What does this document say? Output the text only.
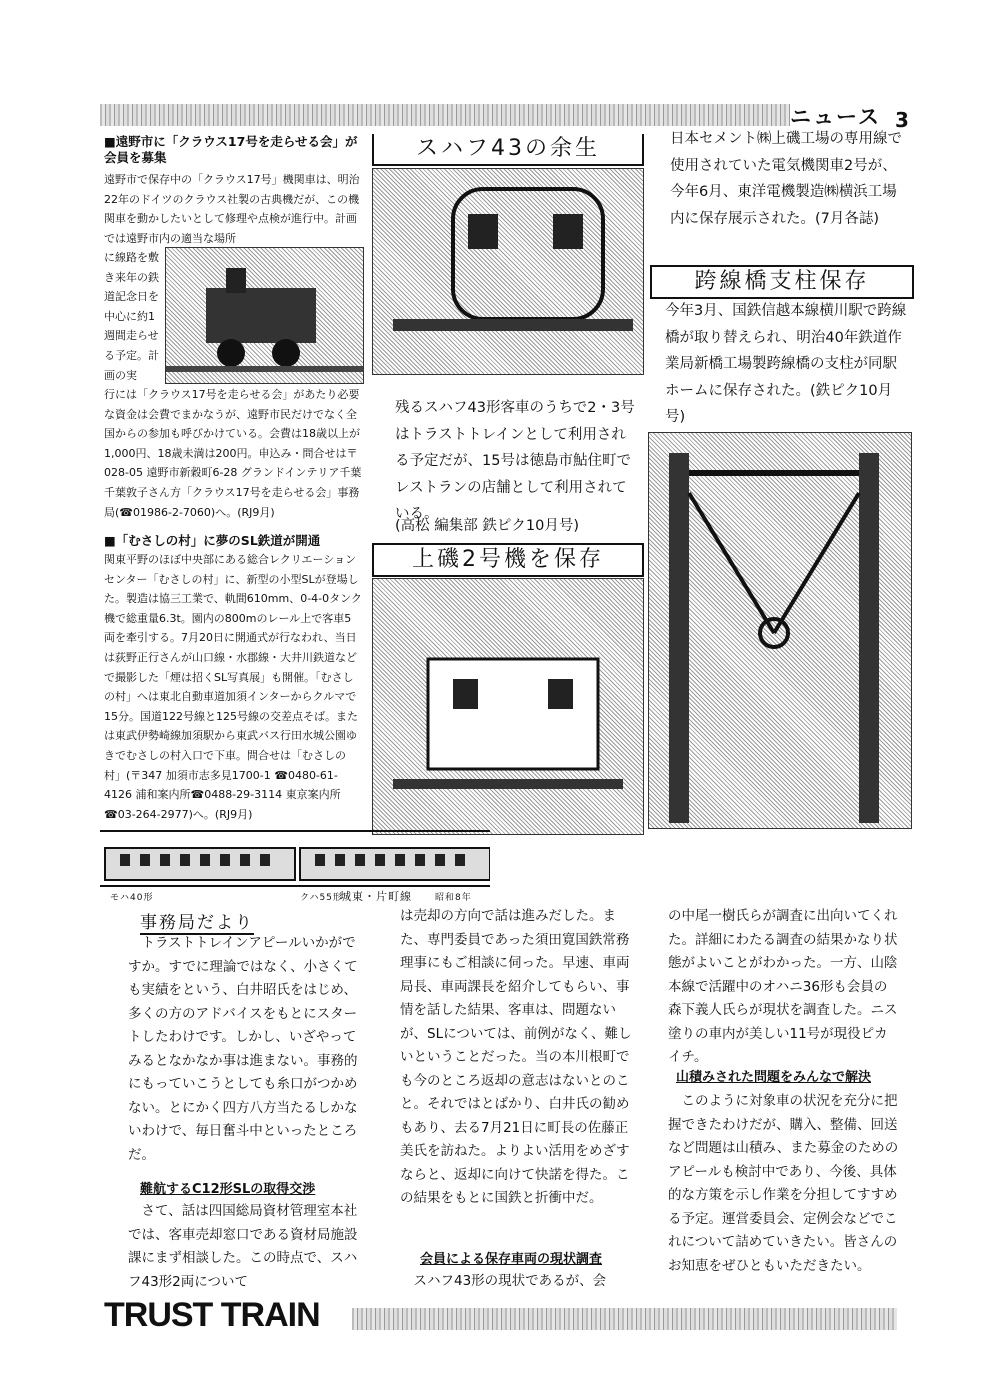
ニュース 3
■遠野市に「クラウス17号を走らせる会」が会員を募集

遠野市で保存中の「クラウス17号」機関車は、明治22年のドイツのクラウス社製の古典機だが、この機関車を動かしたいとして修理や点検が進行中。計画では遠野市内の適当な場所

に線路を敷き来年の鉄道記念日を中心に約1週間走らせる予定。計画の実

行には「クラウス17号を走らせる会」があたり必要な資金は会費でまかなうが、遠野市民だけでなく全国からの参加も呼びかけている。会費は18歳以上が1,000円、18歳未満は200円。申込み・問合せは〒028-05 遠野市新穀町6-28 グランドインテリア千葉 千葉敦子さん方「クラウス17号を走らせる会」事務局(☎01986-2-7060)へ。(RJ9月)

■「むさしの村」に夢のSL鉄道が開通

関東平野のほぼ中央部にある総合レクリエーションセンター「むさしの村」に、新型の小型SLが登場した。製造は協三工業で、軌間610mm、0-4-0タンク機で総重量6.3t。園内の800mのレール上で客車5両を牽引する。7月20日に開通式が行なわれ、当日は荻野正行さんが山口線・水郡線・大井川鉄道などで撮影した「煙は招くSL写真展」も開催。「むさしの村」へは東北自動車道加須インターからクルマで15分。国道122号線と125号線の交差点そば。または東武伊勢崎線加須駅から東武バス行田水城公園ゆきでむさしの村入口で下車。問合せは「むさしの村」(〒347 加須市志多見1700-1 ☎0480-61-4126 浦和案内所☎0488-29-3114 東京案内所☎03-264-2977)へ。(RJ9月)

スハフ43の余生

残るスハフ43形客車のうちで2・3号はトラストトレインとして利用される予定だが、15号は徳島市鮎住町でレストランの店舗として利用されている。

(高松 編集部 鉄ピク10月号)
上磯2号機を保存

日本セメント㈱上磯工場の専用線で使用されていた電気機関車2号が、今年6月、東洋電機製造㈱横浜工場内に保存展示された。(7月各誌)

跨線橋支柱保存

今年3月、国鉄信越本線横川駅で跨線橋が取り替えられ、明治40年鉄道作業局新橋工場製跨線橋の支柱が同駅ホームに保存された。(鉄ピク10月号)

モハ40形	クハ55形
城東・片町線	昭和8年
事務局だより

　トラストトレインアピールいかがですか。すでに理論ではなく、小さくても実績をという、白井昭氏をはじめ、多くの方のアドバイスをもとにスタートしたわけです。しかし、いざやってみるとなかなか事は進まない。事務的にもっていこうとしても糸口がつかめない。とにかく四方八方当たるしかないわけで、毎日奮斗中といったところだ。

難航するC12形SLの取得交渉

　さて、話は四国総局資材管理室本社では、客車売却窓口である資材局施設課にまず相談した。この時点で、スハフ43形2両について

は売却の方向で話は進みだした。また、専門委員であった須田寛国鉄常務理事にもご相談に伺った。早速、車両局長、車両課長を紹介してもらい、事情を話した結果、客車は、問題ないが、SLについては、前例がなく、難しいということだった。当の本川根町でも今のところ返却の意志はないとのこと。それではとばかり、白井氏の勧めもあり、去る7月21日に町長の佐藤正美氏を訪ねた。よりよい活用をめざすならと、返却に向けて快諾を得た。この結果をもとに国鉄と折衝中だ。

会員による保存車両の現状調査

　スハフ43形の現状であるが、会

の中尾一樹氏らが調査に出向いてくれた。詳細にわたる調査の結果かなり状態がよいことがわかった。一方、山陰本線で活躍中のオハニ36形も会員の森下義人氏らが現状を調査した。ニス塗りの車内が美しい11号が現役ピカイチ。

山積みされた問題をみんなで解決

　このように対象車の状況を充分に把握できたわけだが、購入、整備、回送など問題は山積み、また募金のためのアピールも検討中であり、今後、具体的な方策を示し作業を分担してすすめる予定。運営委員会、定例会などでこれについて詰めていきたい。皆さんのお知恵をぜひともいただきたい。

TRUST TRAIN
